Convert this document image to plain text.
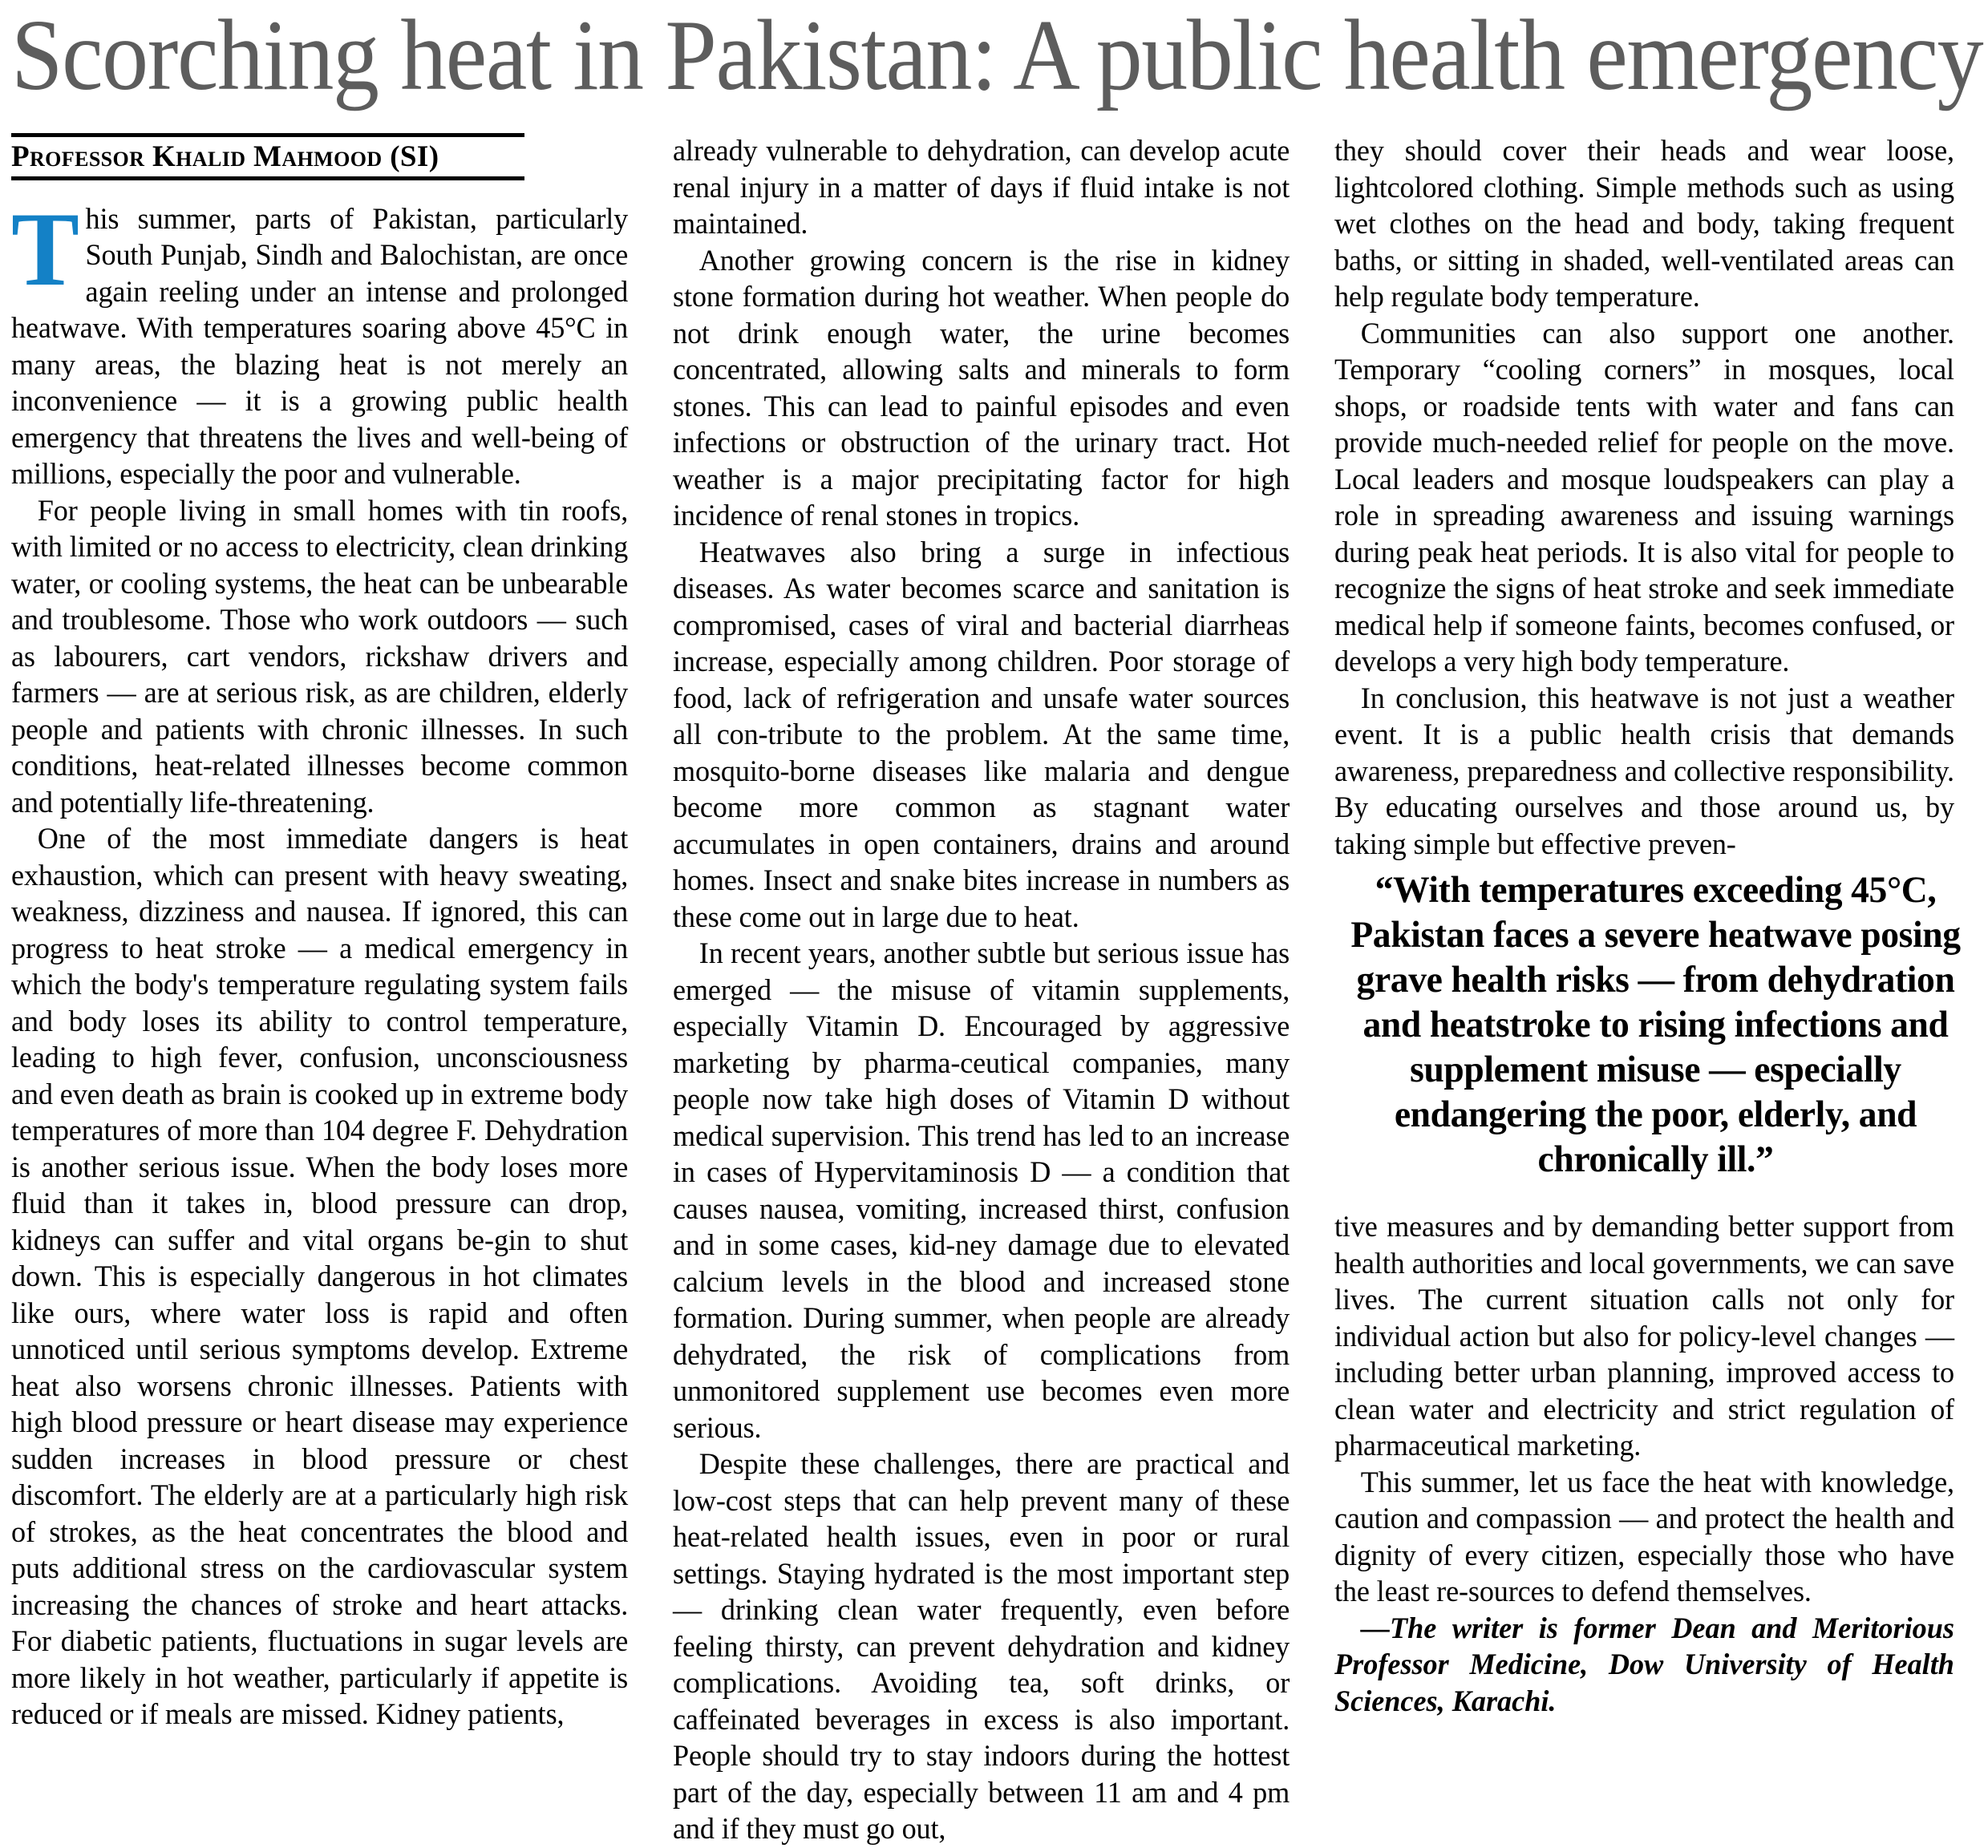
Scorching heat in Pakistan: A public health emergency
Professor Khalid Mahmood (SI)

This summer, parts of Pakistan, particularly South Punjab, Sindh and Balochistan, are once again reeling under an intense and prolonged heatwave. With temperatures soaring above 45°C in many areas, the blazing heat is not merely an inconvenience — it is a growing public health emergency that threatens the lives and well-being of millions, especially the poor and vulnerable.

For people living in small homes with tin roofs, with limited or no access to electricity, clean drinking water, or cooling systems, the heat can be unbearable and troublesome. Those who work outdoors — such as labourers, cart vendors, rickshaw drivers and farmers — are at serious risk, as are children, elderly people and patients with chronic illnesses. In such conditions, heat-related illnesses become common and potentially life-threatening.

One of the most immediate dangers is heat exhaustion, which can present with heavy sweating, weakness, dizziness and nausea. If ignored, this can progress to heat stroke — a medical emergency in which the body's temperature regulating system fails and body loses its ability to control temperature, leading to high fever, confusion, unconsciousness and even death as brain is cooked up in extreme body temperatures of more than 104 degree F. Dehydration is another serious issue. When the body loses more fluid than it takes in, blood pressure can drop, kidneys can suffer and vital organs be-gin to shut down. This is especially dangerous in hot climates like ours, where water loss is rapid and often unnoticed until serious symptoms develop. Extreme heat also worsens chronic illnesses. Patients with high blood pressure or heart disease may experience sudden increases in blood pressure or chest discomfort. The elderly are at a particularly high risk of strokes, as the heat concentrates the blood and puts additional stress on the cardiovascular system increasing the chances of stroke and heart attacks. For diabetic patients, fluctuations in sugar levels are more likely in hot weather, particularly if appetite is reduced or if meals are missed. Kidney patients,

already vulnerable to dehydration, can develop acute renal injury in a matter of days if fluid intake is not maintained.

Another growing concern is the rise in kidney stone formation during hot weather. When people do not drink enough water, the urine becomes concentrated, allowing salts and minerals to form stones. This can lead to painful episodes and even infections or obstruction of the urinary tract. Hot weather is a major precipitating factor for high incidence of renal stones in tropics.

Heatwaves also bring a surge in infectious diseases. As water becomes scarce and sanitation is compromised, cases of viral and bacterial diarrheas increase, especially among children. Poor storage of food, lack of refrigeration and unsafe water sources all con-tribute to the problem. At the same time, mosquito-borne diseases like malaria and dengue become more common as stagnant water accumulates in open containers, drains and around homes. Insect and snake bites increase in numbers as these come out in large due to heat.

In recent years, another subtle but serious issue has emerged — the misuse of vitamin supplements, especially Vitamin D. Encouraged by aggressive marketing by pharma-ceutical companies, many people now take high doses of Vitamin D without medical supervision. This trend has led to an increase in cases of Hypervitaminosis D — a condition that causes nausea, vomiting, increased thirst, confusion and in some cases, kid-ney damage due to elevated calcium levels in the blood and increased stone formation. During summer, when people are already dehydrated, the risk of complications from unmonitored supplement use becomes even more serious.

Despite these challenges, there are practical and low-cost steps that can help prevent many of these heat-related health issues, even in poor or rural settings. Staying hydrated is the most important step — drinking clean water frequently, even before feeling thirsty, can prevent dehydration and kidney complications. Avoiding tea, soft drinks, or caffeinated beverages in excess is also important. People should try to stay indoors during the hottest part of the day, especially between 11 am and 4 pm and if they must go out,

they should cover their heads and wear loose, lightcolored clothing. Simple methods such as using wet clothes on the head and body, taking frequent baths, or sitting in shaded, well-ventilated areas can help regulate body temperature.

Communities can also support one another. Temporary “cooling corners” in mosques, local shops, or roadside tents with water and fans can provide much-needed relief for people on the move. Local leaders and mosque loudspeakers can play a role in spreading awareness and issuing warnings during peak heat periods. It is also vital for people to recognize the signs of heat stroke and seek immediate medical help if someone faints, becomes confused, or develops a very high body temperature.

In conclusion, this heatwave is not just a weather event. It is a public health crisis that demands awareness, preparedness and collective responsibility. By educating ourselves and those around us, by taking simple but effective preven-

“With temperatures exceeding 45°C, Pakistan faces a severe heatwave posing grave health risks — from dehydration and heatstroke to rising infections and supplement misuse — especially endangering the poor, elderly, and chronically ill.”

tive measures and by demanding better support from health authorities and local governments, we can save lives. The current situation calls not only for individual action but also for policy-level changes — including better urban planning, improved access to clean water and electricity and strict regulation of pharmaceutical marketing.

This summer, let us face the heat with knowledge, caution and compassion — and protect the health and dignity of every citizen, especially those who have the least re-sources to defend themselves.

—The writer is former Dean and Meritorious Professor Medicine, Dow University of Health Sciences, Karachi.
